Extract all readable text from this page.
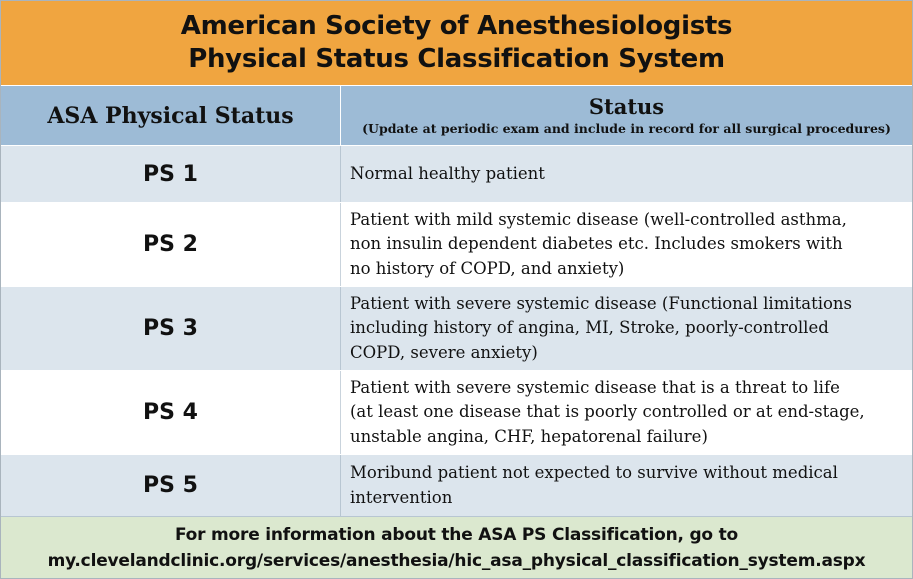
American Society of Anesthesiologists
Physical Status Classification System
ASA Physical Status	Status
(Update at periodic exam and include in record for all surgical procedures)
PS 1	Normal healthy patient
PS 2
Patient with mild systemic disease (well-controlled asthma,
non insulin dependent diabetes etc. Includes smokers with
no history of COPD, and anxiety)
PS 3
Patient with severe systemic disease (Functional limitations
including history of angina, MI, Stroke, poorly-controlled
COPD, severe anxiety)
PS 4
Patient with severe systemic disease that is a threat to life
(at least one disease that is poorly controlled or at end-stage,
unstable angina, CHF, hepatorenal failure)
PS 5
Moribund patient not expected to survive without medical
intervention
For more information about the ASA PS Classification, go to
my.clevelandclinic.org/services/anesthesia/hic_asa_physical_classification_system.aspx
